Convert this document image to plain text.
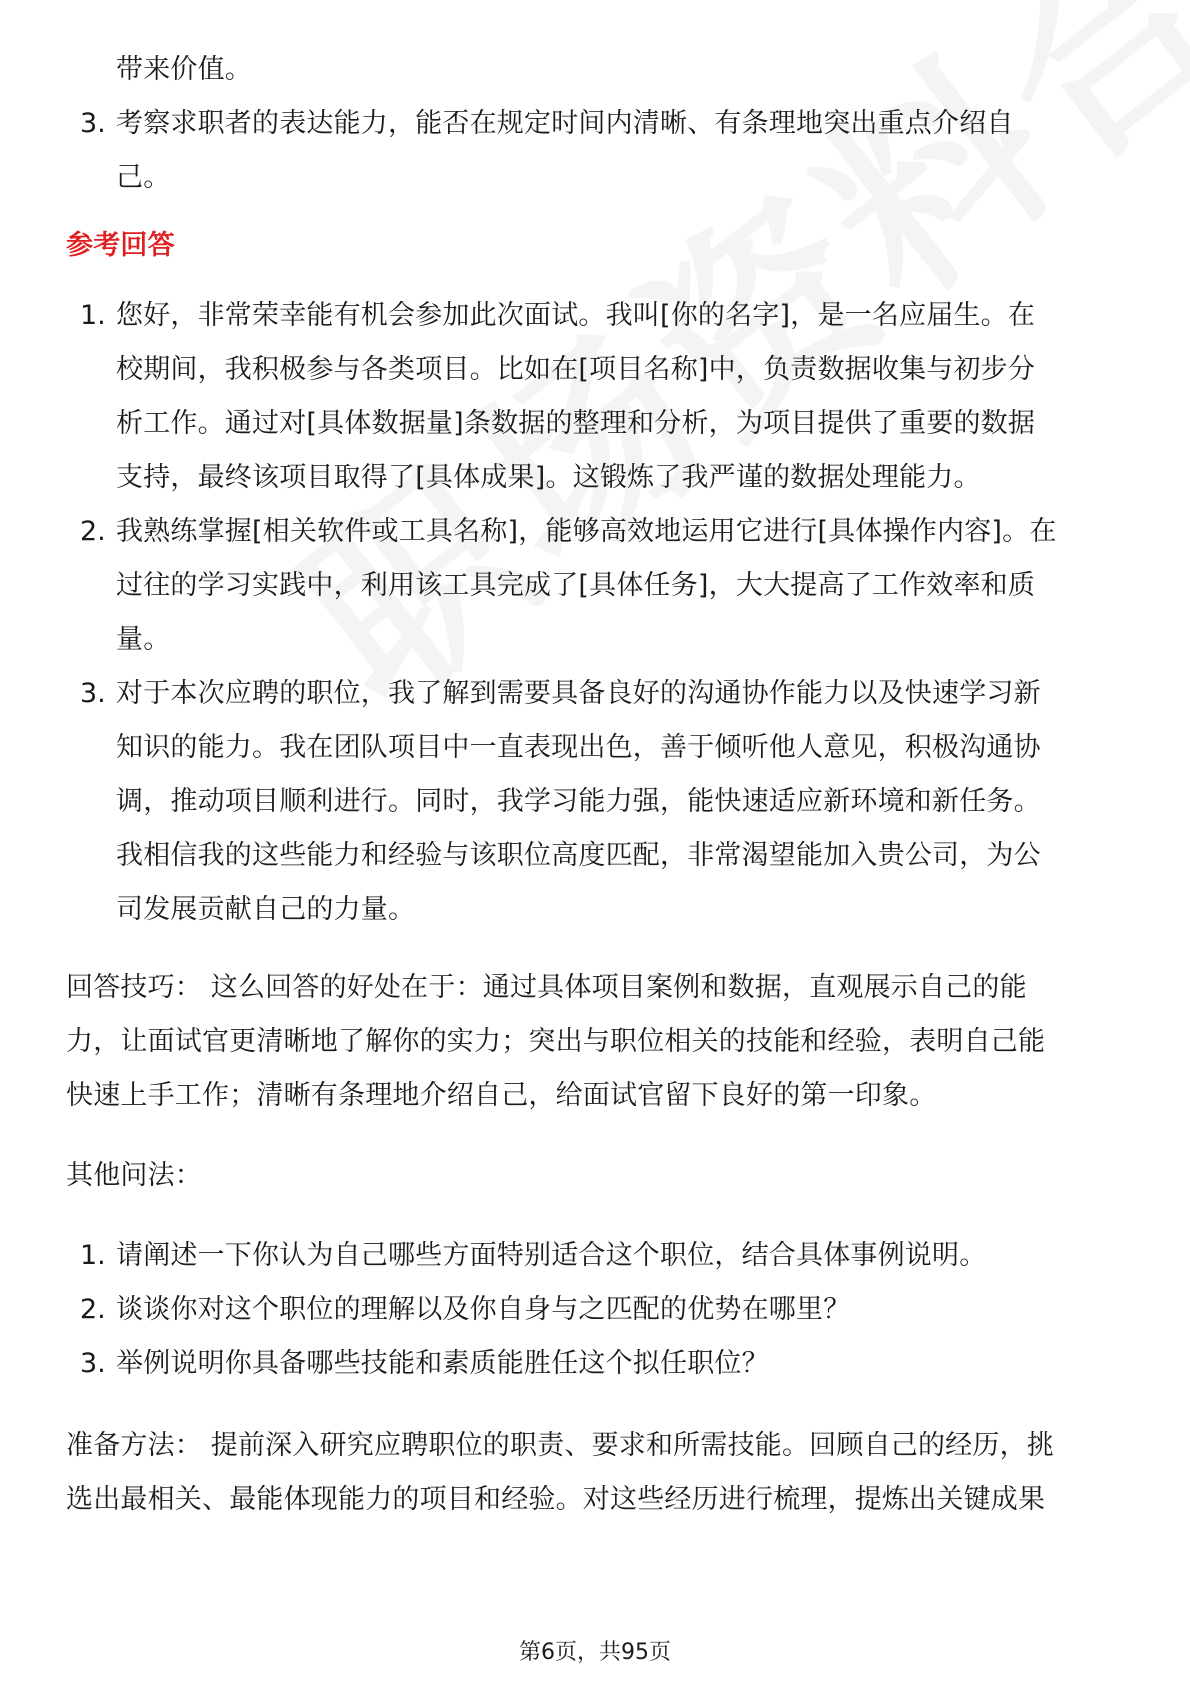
带来价值。
3. 考察求职者的表达能力，能否在规定时间内清晰、有条理地突出重点介绍自
己。
参考回答
1. 您好，非常荣幸能有机会参加此次面试。我叫[你的名字]，是一名应届生。在
校期间，我积极参与各类项目。比如在[项目名称]中，负责数据收集与初步分
析工作。通过对[具体数据量]条数据的整理和分析，为项目提供了重要的数据
支持，最终该项目取得了[具体成果]。这锻炼了我严谨的数据处理能力。
2. 我熟练掌握[相关软件或工具名称]，能够高效地运用它进行[具体操作内容]。在
过往的学习实践中，利用该工具完成了[具体任务]，大大提高了工作效率和质
量。
3. 对于本次应聘的职位，我了解到需要具备良好的沟通协作能力以及快速学习新
知识的能力。我在团队项目中一直表现出色，善于倾听他人意见，积极沟通协
调，推动项目顺利进行。同时，我学习能力强，能快速适应新环境和新任务。
我相信我的这些能力和经验与该职位高度匹配，非常渴望能加入贵公司，为公
司发展贡献自己的力量。
回答技巧： 这么回答的好处在于：通过具体项目案例和数据，直观展示自己的能
力，让面试官更清晰地了解你的实力；突出与职位相关的技能和经验，表明自己能
快速上手工作；清晰有条理地介绍自己，给面试官留下良好的第一印象。
其他问法：
1. 请阐述一下你认为自己哪些方面特别适合这个职位，结合具体事例说明。
2. 谈谈你对这个职位的理解以及你自身与之匹配的优势在哪里？
3. 举例说明你具备哪些技能和素质能胜任这个拟任职位？
准备方法： 提前深入研究应聘职位的职责、要求和所需技能。回顾自己的经历，挑
选出最相关、最能体现能力的项目和经验。对这些经历进行梳理，提炼出关键成果
第6页，共95页
